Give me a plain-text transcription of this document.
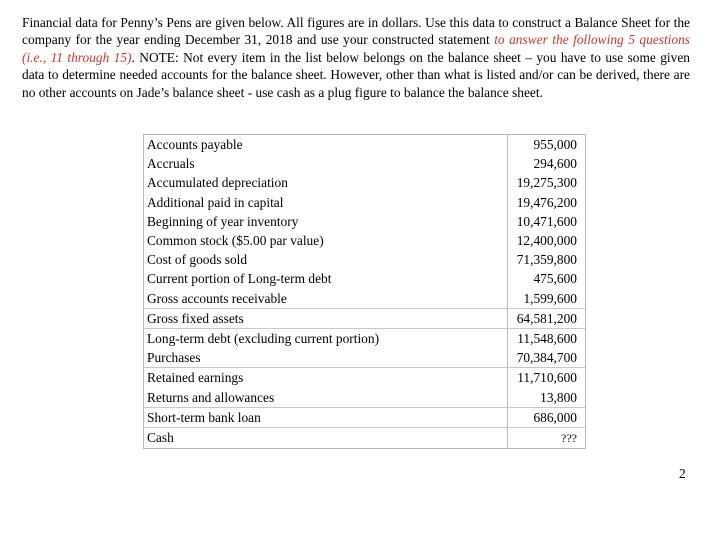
Financial data for Penny’s Pens are given below. All figures are in dollars. Use this data to construct a Balance Sheet for the company for the year ending December 31, 2018 and use your constructed statement to answer the following 5 questions (i.e., 11 through 15). NOTE: Not every item in the list below belongs on the balance sheet – you have to use some given data to determine needed accounts for the balance sheet. However, other than what is listed and/or can be derived, there are no other accounts on Jade’s balance sheet - use cash as a plug figure to balance the balance sheet.
Accounts payable	955,000
Accruals	294,600
Accumulated depreciation	19,275,300
Additional paid in capital	19,476,200
Beginning of year inventory	10,471,600
Common stock ($5.00 par value)	12,400,000
Cost of goods sold	71,359,800
Current portion of Long-term debt	475,600
Gross accounts receivable	1,599,600
Gross fixed assets	64,581,200
Long-term debt (excluding current portion)	11,548,600
Purchases	70,384,700
Retained earnings	11,710,600
Returns and allowances	13,800
Short-term bank loan	686,000
Cash	???
2
